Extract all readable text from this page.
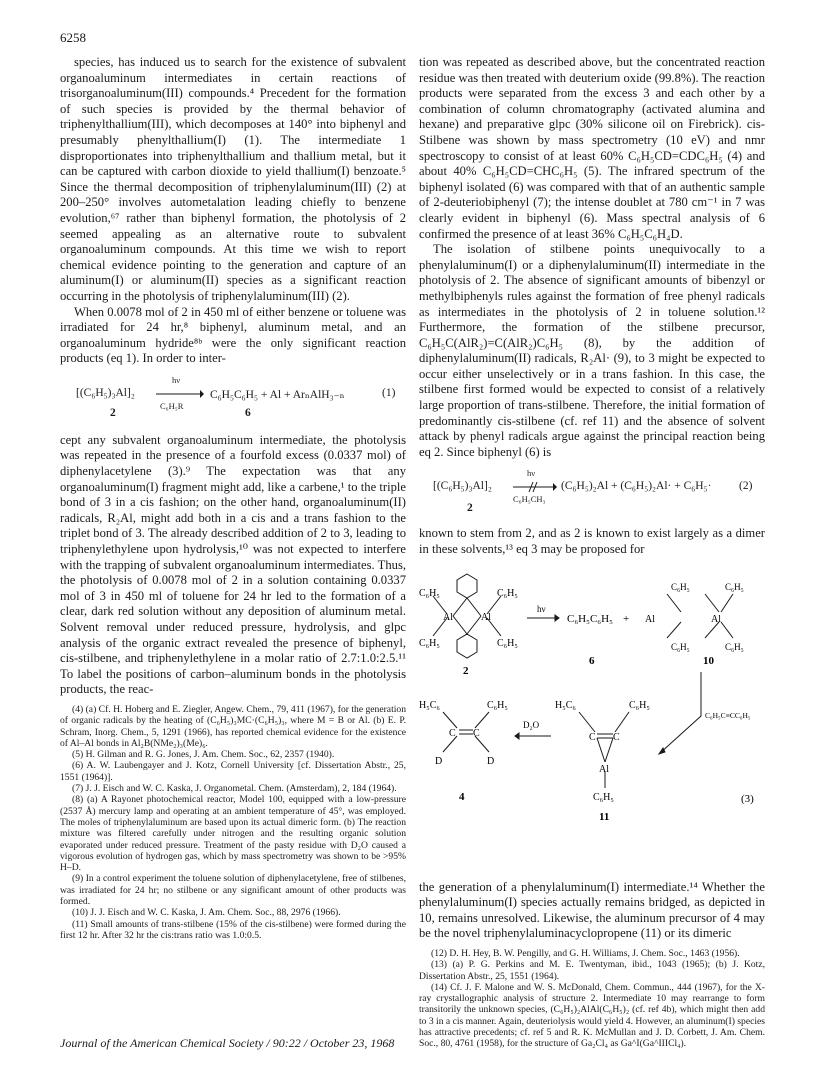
6258

species, has induced us to search for the existence of subvalent organoaluminum intermediates in certain reactions of trisorganoaluminum(III) compounds.⁴ Precedent for the formation of such species is provided by the thermal behavior of triphenylthallium(III), which decomposes at 140° into biphenyl and presumably phenylthallium(I) (1). The intermediate 1 disproportionates into triphenylthallium and thallium metal, but it can be captured with carbon dioxide to yield thallium(I) benzoate.⁵ Since the thermal decomposition of triphenylaluminum(III) (2) at 200–250° involves autometalation leading chiefly to benzene evolution,⁶⁷ rather than biphenyl formation, the photolysis of 2 seemed appealing as an alternative route to subvalent organoaluminum compounds. At this time we wish to report chemical evidence pointing to the generation and capture of an aluminum(I) or aluminum(II) species as a significant reaction occurring in the photolysis of triphenylaluminum(III) (2).

When 0.0078 mol of 2 in 450 ml of either benzene or toluene was irradiated for 24 hr,⁸ biphenyl, aluminum metal, and an organoaluminum hydride⁸ᵇ were the only significant reaction products (eq 1). In order to inter-

[(C₆H₅)₃Al]₂
hν
C₆H₅R
C₆H₅C₆H₅ + Al + ArₙAlH₃₋ₙ	(1)
2	6

cept any subvalent organoaluminum intermediate, the photolysis was repeated in the presence of a fourfold excess (0.0337 mol) of diphenylacetylene (3).⁹ The expectation was that any organoaluminum(I) fragment might add, like a carbene,¹ to the triple bond of 3 in a cis fashion; on the other hand, organoaluminum(II) radicals, R₂Al, might add both in a cis and a trans fashion to the triplet bond of 3. The already described addition of 2 to 3, leading to triphenylethylene upon hydrolysis,¹⁰ was not expected to interfere with the trapping of subvalent organoaluminum intermediates. Thus, the photolysis of 0.0078 mol of 2 in a solution containing 0.0337 mol of 3 in 450 ml of toluene for 24 hr led to the formation of a clear, dark red solution without any deposition of aluminum metal. Solvent removal under reduced pressure, hydrolysis, and glpc analysis of the organic extract revealed the presence of biphenyl, cis-stilbene, and triphenylethylene in a molar ratio of 2.7:1.0:2.5.¹¹ To label the positions of carbon–aluminum bonds in the photolysis products, the reac-

(4) (a) Cf. H. Hoberg and E. Ziegler, Angew. Chem., 79, 411 (1967), for the generation of organic radicals by the heating of (C₆H₅)₃MC·(C₆H₅)₃, where M = B or Al. (b) E. P. Schram, Inorg. Chem., 5, 1291 (1966), has reported chemical evidence for the existence of Al–Al bonds in Al₂B(NMe₂)₃(Me)₆.

(5) H. Gilman and R. G. Jones, J. Am. Chem. Soc., 62, 2357 (1940).

(6) A. W. Laubengayer and J. Kotz, Cornell University [cf. Dissertation Abstr., 25, 1551 (1964)].

(7) J. J. Eisch and W. C. Kaska, J. Organometal. Chem. (Amsterdam), 2, 184 (1964).

(8) (a) A Rayonet photochemical reactor, Model 100, equipped with a low-pressure (2537 Å) mercury lamp and operating at an ambient temperature of 45°, was employed. The moles of triphenylaluminum are based upon its actual dimeric form. (b) The reaction mixture was filtered carefully under nitrogen and the resulting organic solution evaporated under reduced pressure. Treatment of the pasty residue with D₂O caused a vigorous evolution of hydrogen gas, which by mass spectrometry was shown to be >95% H–D.

(9) In a control experiment the toluene solution of diphenylacetylene, free of stilbenes, was irradiated for 24 hr; no stilbene or any significant amount of other products was formed.

(10) J. J. Eisch and W. C. Kaska, J. Am. Chem. Soc., 88, 2976 (1966).

(11) Small amounts of trans-stilbene (15% of the cis-stilbene) were formed during the first 12 hr. After 32 hr the cis:trans ratio was 1.0:0.5.

tion was repeated as described above, but the concentrated reaction residue was then treated with deuterium oxide (99.8%). The reaction products were separated from the excess 3 and each other by a combination of column chromatography (activated alumina and hexane) and preparative glpc (30% silicone oil on Firebrick). cis-Stilbene was shown by mass spectrometry (10 eV) and nmr spectroscopy to consist of at least 60% C₆H₅CD=CDC₆H₅ (4) and about 40% C₆H₅CD=CHC₆H₅ (5). The infrared spectrum of the biphenyl isolated (6) was compared with that of an authentic sample of 2-deuteriobiphenyl (7); the intense doublet at 780 cm⁻¹ in 7 was clearly evident in biphenyl (6). Mass spectral analysis of 6 confirmed the presence of at least 36% C₆H₅C₆H₄D.

The isolation of stilbene points unequivocally to a phenylaluminum(I) or a diphenylaluminum(II) intermediate in the photolysis of 2. The absence of significant amounts of bibenzyl or methylbiphenyls rules against the formation of free phenyl radicals as intermediates in the photolysis of 2 in toluene solution.¹² Furthermore, the formation of the stilbene precursor, C₆H₅C(AlR₂)=C(AlR₂)C₆H₅ (8), by the addition of diphenylaluminum(II) radicals, R₂Al· (9), to 3 might be expected to occur either unselectively or in a trans fashion. In this case, the stilbene first formed would be expected to consist of a relatively large proportion of trans-stilbene. Therefore, the initial formation of predominantly cis-stilbene (cf. ref 11) and the absence of solvent attack by phenyl radicals argue against the principal reaction being eq 2. Since biphenyl (6) is

[(C₆H₅)₃Al]₂
hν
C₆H₅CH₃
(C₆H₅)₂Al + (C₆H₅)₂Al· + C₆H₅· (2)
2

known to stem from 2, and as 2 is known to exist largely as a dimer in these solvents,¹³ eq 3 may be proposed for

C₆H₅
C₆H₅
C₆H₅
C₆H₅
Al	Al
2
hν
C₆H₅C₆H₅ +
6
Al	Al
C₆H₅
C₆H₅
C₆H₅
C₆H₅
10
C₆H₅C≡CC₆H₅
H₅C₆	C₆H₅
C C
Al
C₆H₅
11
D₂O
H₅C₆	C₆H₅
C C
D	D
4	(3)

the generation of a phenylaluminum(I) intermediate.¹⁴ Whether the phenylaluminum(I) species actually remains bridged, as depicted in 10, remains unresolved. Likewise, the aluminum precursor of 4 may be the novel triphenylaluminacyclopropene (11) or its dimeric

(12) D. H. Hey, B. W. Pengilly, and G. H. Williams, J. Chem. Soc., 1463 (1956).

(13) (a) P. G. Perkins and M. E. Twentyman, ibid., 1043 (1965); (b) J. Kotz, Dissertation Abstr., 25, 1551 (1964).

(14) Cf. J. F. Malone and W. S. McDonald, Chem. Commun., 444 (1967), for the X-ray crystallographic analysis of structure 2. Intermediate 10 may rearrange to form transitorily the unknown species, (C₆H₅)₂AlAl(C₆H₅)₂ (cf. ref 4b), which might then add to 3 in a cis manner. Again, deuteriolysis would yield 4. However, an aluminum(I) species has attractive precedents; cf. ref 5 and R. K. McMullan and J. D. Corbett, J. Am. Chem. Soc., 80, 4761 (1958), for the structure of Ga₂Cl₄ as Ga^I(Ga^IIICl₄).

Journal of the American Chemical Society / 90:22 / October 23, 1968
